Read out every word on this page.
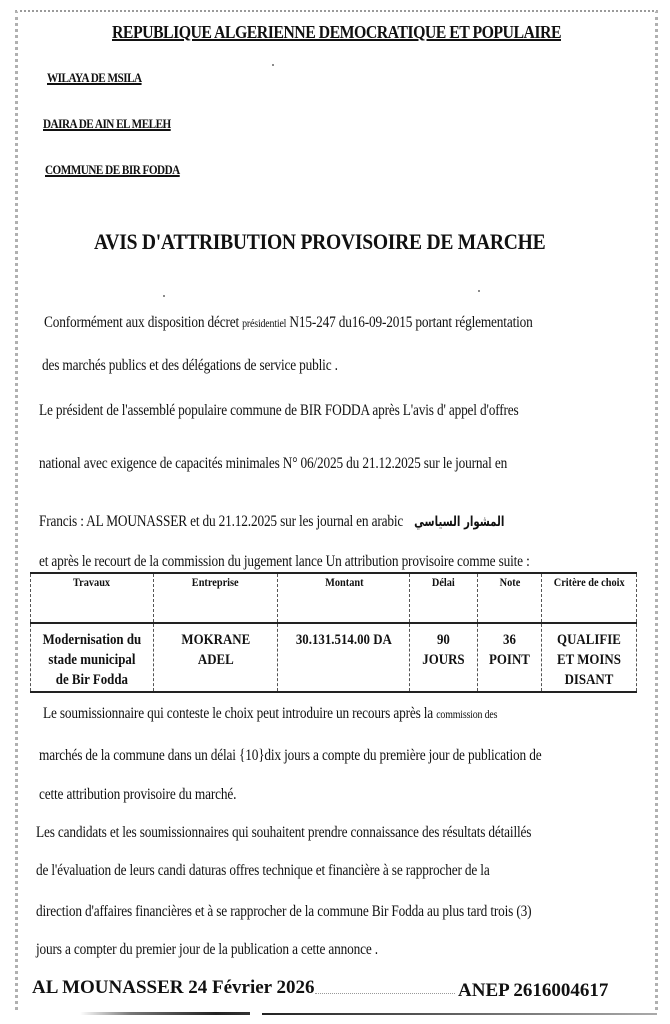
REPUBLIQUE ALGERIENNE DEMOCRATIQUE ET POPULAIRE
WILAYA DE MSILA
DAIRA DE AIN EL MELEH
COMMUNE DE BIR FODDA
AVIS D'ATTRIBUTION PROVISOIRE DE MARCHE
Conformément aux disposition décret présidentiel N15-247 du16-09-2015 portant réglementation
des marchés publics et des délégations de service public .
Le président de l'assemblé populaire commune de BIR FODDA après L'avis d' appel d'offres
national avec exigence de capacités minimales N° 06/2025 du 21.12.2025 sur le journal en
Francis : AL MOUNASSER et du 21.12.2025 sur les journal en arabic المشوار السياسي
et après le recourt de la commission du jugement lance Un attribution provisoire comme suite :
Travaux	Entreprise	Montant	Délai	Note	Critère de choix
Modernisation du stade municipal de Bir Fodda	MOKRANE ADEL	30.131.514.00 DA	90 JOURS	36 POINT	QUALIFIE ET MOINS DISANT
Le soumissionnaire qui conteste le choix peut introduire un recours après la commission des
marchés de la commune dans un délai {10}dix jours a compte du première jour de publication de
cette attribution provisoire du marché.
Les candidats et les soumissionnaires qui souhaitent prendre connaissance des résultats détaillés
de l'évaluation de leurs candi daturas offres technique et financière à se rapprocher de la
direction d'affaires financières et à se rapprocher de la commune Bir Fodda au plus tard trois (3)
jours a compter du premier jour de la publication a cette annonce .
AL MOUNASSER 24 Février 2026	ANEP 2616004617
